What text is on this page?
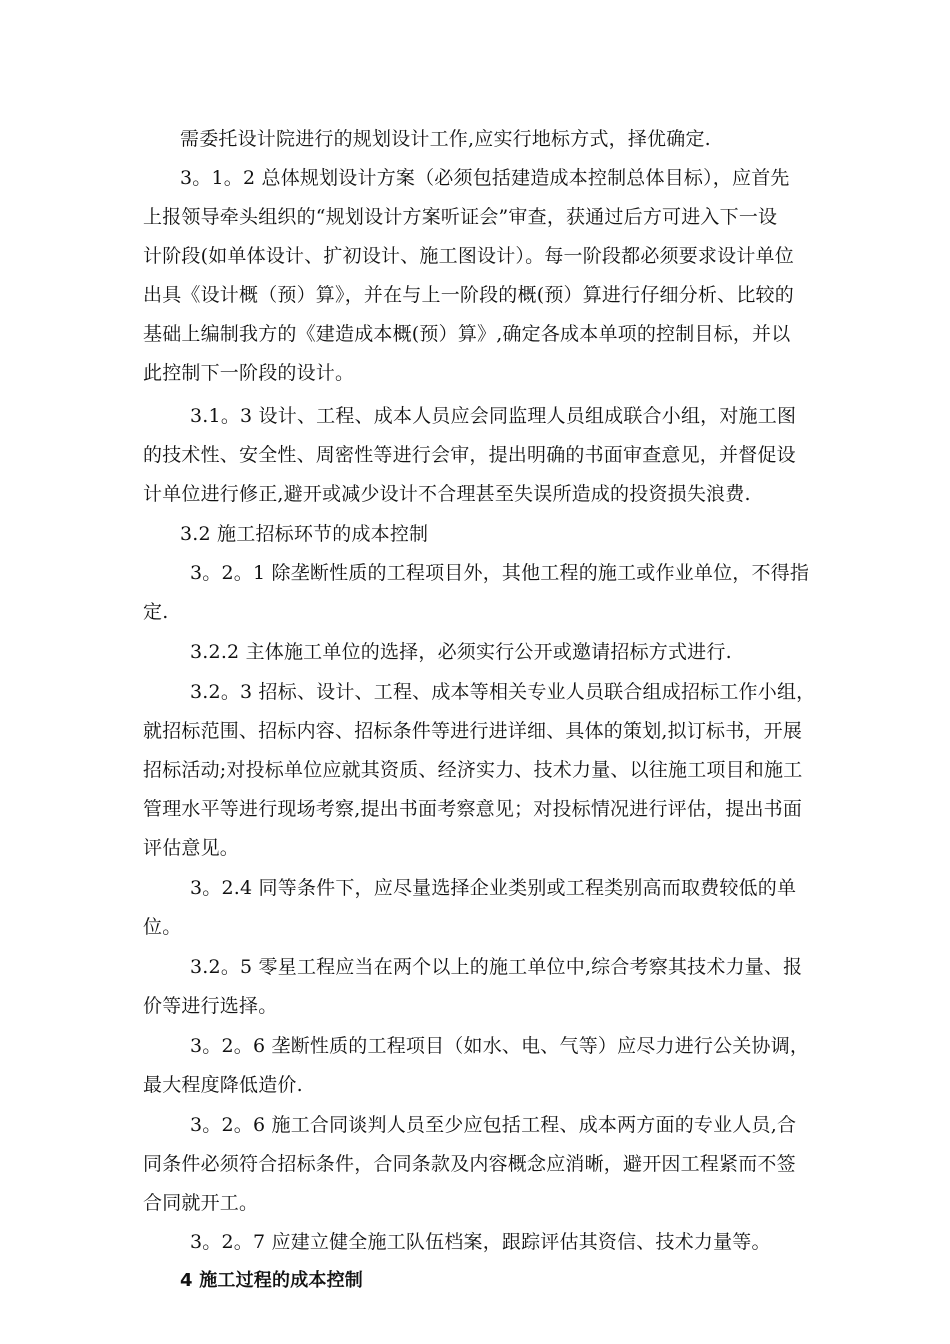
需委托设计院进行的规划设计工作,应实行地标方式，择优确定.
3。1。2 总体规划设计方案（必须包括建造成本控制总体目标），应首先
上报领导牵头组织的“规划设计方案听证会”审查，获通过后方可进入下一设
计阶段(如单体设计、扩初设计、施工图设计）。每一阶段都必须要求设计单位
出具《设计概（预）算》，并在与上一阶段的概(预）算进行仔细分析、比较的
基础上编制我方的《建造成本概(预）算》,确定各成本单项的控制目标，并以
此控制下一阶段的设计。
3.1。3 设计、工程、成本人员应会同监理人员组成联合小组，对施工图
的技术性、安全性、周密性等进行会审，提出明确的书面审查意见，并督促设
计单位进行修正,避开或减少设计不合理甚至失误所造成的投资损失浪费.
3.2 施工招标环节的成本控制
3。2。1 除垄断性质的工程项目外，其他工程的施工或作业单位，不得指
定.
3.2.2 主体施工单位的选择，必须实行公开或邀请招标方式进行.
3.2。3 招标、设计、工程、成本等相关专业人员联合组成招标工作小组，
就招标范围、招标内容、招标条件等进行进详细、具体的策划,拟订标书，开展
招标活动;对投标单位应就其资质、经济实力、技术力量、以往施工项目和施工
管理水平等进行现场考察,提出书面考察意见；对投标情况进行评估，提出书面
评估意见。
3。2.4 同等条件下，应尽量选择企业类别或工程类别高而取费较低的单
位。
3.2。5 零星工程应当在两个以上的施工单位中,综合考察其技术力量、报
价等进行选择。
3。2。6 垄断性质的工程项目（如水、电、气等）应尽力进行公关协调，
最大程度降低造价.
3。2。6 施工合同谈判人员至少应包括工程、成本两方面的专业人员,合
同条件必须符合招标条件，合同条款及内容概念应消晰，避开因工程紧而不签
合同就开工。
3。2。7 应建立健全施工队伍档案，跟踪评估其资信、技术力量等。
4 施工过程的成本控制
